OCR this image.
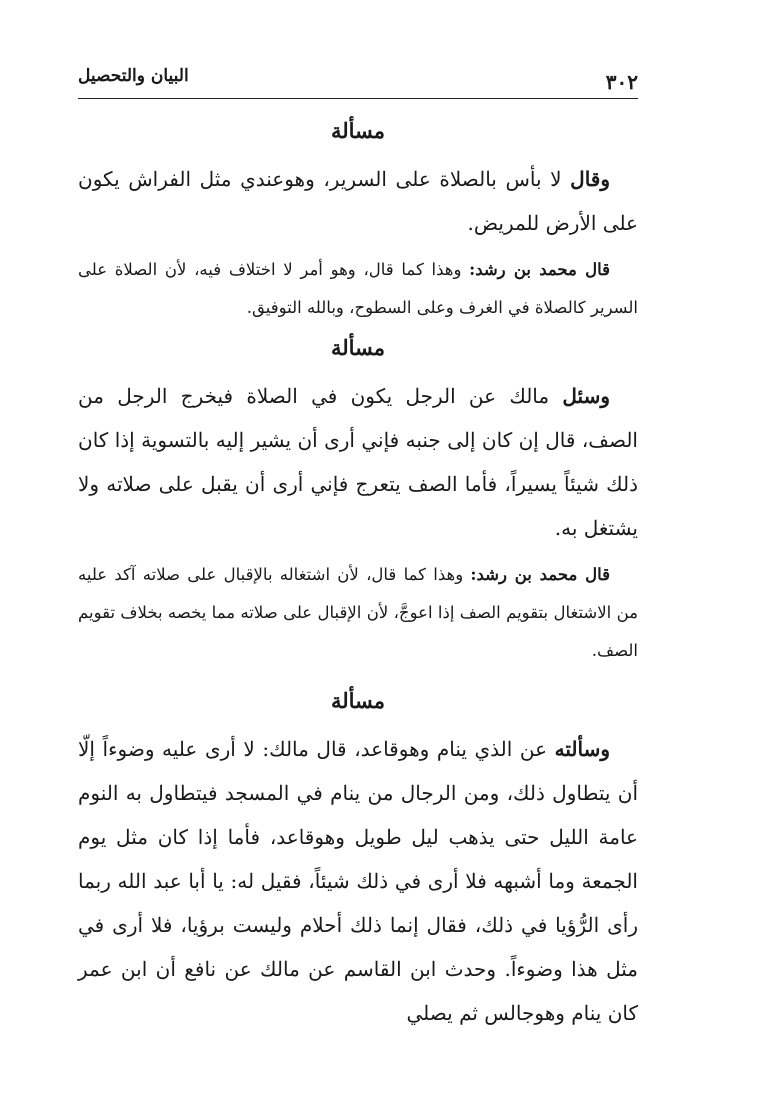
٣٠٢
البيان والتحصيل
مسألة

وقال لا بأس بالصلاة على السرير، وهوعندي مثل الفراش يكون على الأرض للمريض.

قال محمد بن رشد: وهذا كما قال، وهو أمر لا اختلاف فيه، لأن الصلاة على السرير كالصلاة في الغرف وعلى السطوح، وبالله التوفيق.

مسألة

وسئل مالك عن الرجل يكون في الصلاة فيخرج الرجل من الصف، قال إن كان إلى جنبه فإني أرى أن يشير إليه بالتسوية إذا كان ذلك شيئاً يسيراً، فأما الصف يتعرج فإني أرى أن يقبل على صلاته ولا يشتغل به.

قال محمد بن رشد: وهذا كما قال، لأن اشتغاله بالإقبال على صلاته آكد عليه من الاشتغال بتقويم الصف إذا اعوجَّ، لأن الإقبال على صلاته مما يخصه بخلاف تقويم الصف.

مسألة

وسألته عن الذي ينام وهوقاعد، قال مالك: لا أرى عليه وضوءاً إلّا أن يتطاول ذلك، ومن الرجال من ينام في المسجد فيتطاول به النوم عامة الليل حتى يذهب ليل طويل وهوقاعد، فأما إذا كان مثل يوم الجمعة وما أشبهه فلا أرى في ذلك شيئاً، فقيل له: يا أبا عبد الله ربما رأى الرُّؤيا في ذلك، فقال إنما ذلك أحلام وليست برؤيا، فلا أرى في مثل هذا وضوءاً. وحدث ابن القاسم عن مالك عن نافع أن ابن عمر كان ينام وهوجالس ثم يصلي
